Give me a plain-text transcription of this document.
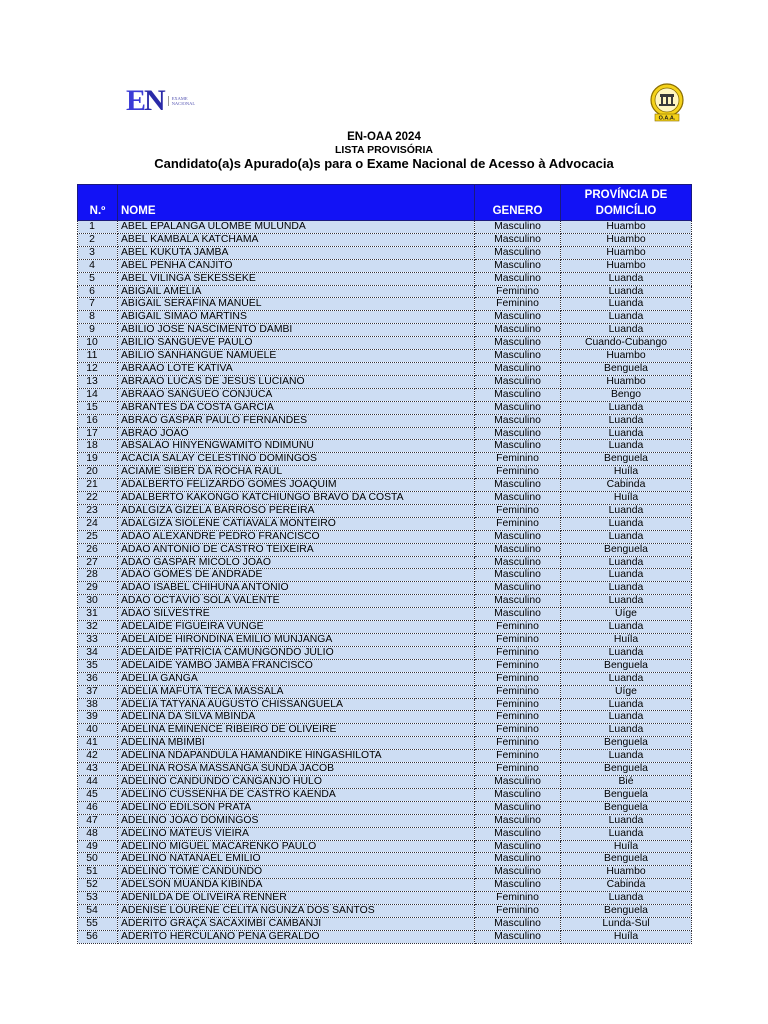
EN	EXAME
NACIONAL
O.A.A.
EN-OAA 2024
LISTA PROVISÓRIA
Candidato(a)s Apurado(a)s para o Exame Nacional de Acesso à Advocacia
N.º	NOME	GENERO	PROVÍNCIA DE DOMICÍLIO
1	ABEL EPALANGA ULOMBE MULUNDA	Masculino	Huambo
2	ABEL KAMBALA KATCHAMA	Masculino	Huambo
3	ABEL KUKUTA JAMBA	Masculino	Huambo
4	ABEL PENHA CANJITO	Masculino	Huambo
5	ABEL VILINGA SEKESSEKE	Masculino	Luanda
6	ABIGAIL AMÉLIA	Feminino	Luanda
7	ABIGAIL SERAFINA MANUEL	Feminino	Luanda
8	ABIGAIL SIMÃO MARTINS	Masculino	Luanda
9	ABÍLIO JOSÉ NASCIMENTO DAMBI	Masculino	Luanda
10	ABÍLIO SANGUEVE PAULO	Masculino	Cuando-Cubango
11	ABÍLIO SANHANGUE NAMUELE	Masculino	Huambo
12	ABRAÃO LOTE KATIVA	Masculino	Benguela
13	ABRAÃO LUCAS DE JESUS LUCIANO	Masculino	Huambo
14	ABRAÃO SANGUEO CONJUCA	Masculino	Bengo
15	ABRANTES DA COSTA GARCIA	Masculino	Luanda
16	ABRÃO GASPAR PAULO FERNANDES	Masculino	Luanda
17	ABRÃO JOÃO	Masculino	Luanda
18	ABSALÃO HINYENGWAMITO NDIMUNU	Masculino	Luanda
19	ACÁCIA SALAY CELESTINO DOMINGOS	Feminino	Benguela
20	ACIAME SIBER DA ROCHA RAÚL	Feminino	Huíla
21	ADALBERTO FELIZARDO GOMES JOAQUIM	Masculino	Cabinda
22	ADALBERTO KAKONGO KATCHIUNGO BRAVO DA COSTA	Masculino	Huíla
23	ADALGIZA GIZELA BARROSO PEREIRA	Feminino	Luanda
24	ADALGIZA SIOLENE CATIAVALA MONTEIRO	Feminino	Luanda
25	ADÃO ALEXANDRE PEDRO FRANCISCO	Masculino	Luanda
26	ADÃO ANTÓNIO DE CASTRO TEIXEIRA	Masculino	Benguela
27	ADÃO GASPAR MICOLO JOÃO	Masculino	Luanda
28	ADÃO GOMES DE ANDRADE	Masculino	Luanda
29	ADÃO ISABEL CHIHUNA ANTÓNIO	Masculino	Luanda
30	ADÃO OCTÁVIO SOLA VALENTE	Masculino	Luanda
31	ADÃO SILVESTRE	Masculino	Uíge
32	ADELAIDE FIGUEIRA VUNGE	Feminino	Luanda
33	ADELAIDE HIRONDINA EMÍLIO MUNJANGA	Feminino	Huíla
34	ADELAIDE PATRÍCIA CAMUNGONDO JÚLIO	Feminino	Luanda
35	ADELAIDE YAMBO JAMBA FRANCISCO	Feminino	Benguela
36	ADÉLIA GANGA	Feminino	Luanda
37	ADÉLIA MAFUTA TECA MASSALA	Feminino	Uíge
38	ADÉLIA TATYANA AUGUSTO CHISSANGUELA	Feminino	Luanda
39	ADELINA DA SILVA MBINDA	Feminino	Luanda
40	ADELINA EMINENCE RIBEIRO DE OLIVEIRE	Feminino	Luanda
41	ADELINA MBIMBI	Feminino	Benguela
42	ADELINA NDAPANDULA HAMANDIKE HINGASHILOTA	Feminino	Luanda
43	ADELINA ROSA MASSANGA SUNDA JACOB	Feminino	Benguela
44	ADELINO CANDUNDO CANGANJO HULO	Masculino	Bié
45	ADELINO CUSSENHA DE CASTRO KAENDA	Masculino	Benguela
46	ADELINO EDILSON PRATA	Masculino	Benguela
47	ADELINO JOÃO DOMINGOS	Masculino	Luanda
48	ADELINO MATEUS VIEIRA	Masculino	Luanda
49	ADELINO MIGUEL MACARENKO PAULO	Masculino	Huíla
50	ADELINO NATANAEL EMÍLIO	Masculino	Benguela
51	ADELINO TOMÉ CANDUNDO	Masculino	Huambo
52	ADELSON MUANDA KIBINDA	Masculino	Cabinda
53	ADENILDA DE OLIVEIRA RENNER	Feminino	Luanda
54	ADENISE LOURENE CELITA NGUNZA DOS SANTOS	Feminino	Benguela
55	ADÉRITO GRAÇA SACAXIMBI CAMBANJI	Masculino	Lunda-Sul
56	ADÉRITO HERCULANO PENA GERALDO	Masculino	Huíla
